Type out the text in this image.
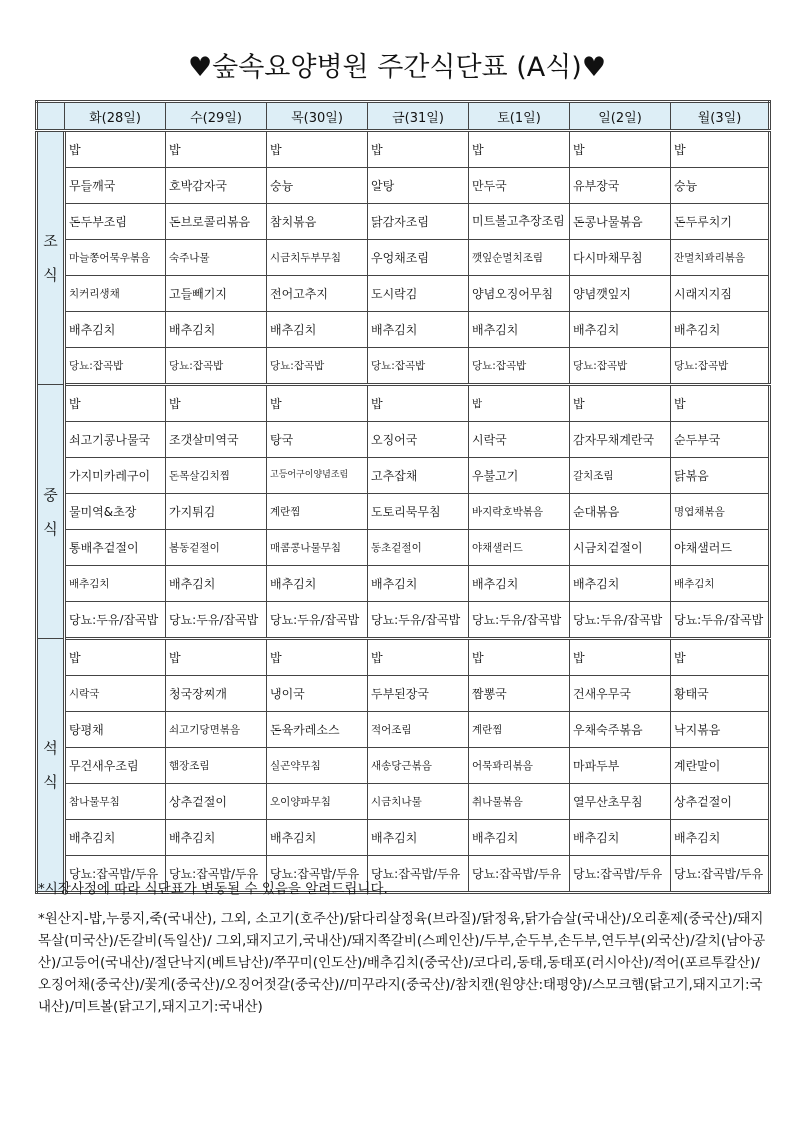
♥숲속요양병원 주간식단표 (A식)♥
	화(28일)	수(29일)	목(30일)	금(31일)	토(1일)	일(2일)	월(3일)
조
식	밥	밥	밥	밥	밥	밥	밥
	무들깨국	호박감자국	숭늉	알탕	만두국	유부장국	숭늉
	돈두부조림	돈브로콜리볶음	참치볶음	닭감자조림	미트볼고추장조림	돈콩나물볶음	돈두루치기
	마늘쫑어묵우볶음	숙주나물	시금치두부무침	우엉채조림	깻잎순멸치조림	다시마채무침	잔멸치꽈리볶음
	치커리생채	고들빼기지	전어고추지	도시락김	양념오징어무침	양념깻잎지	시래지지짐
	배추김치	배추김치	배추김치	배추김치	배추김치	배추김치	배추김치
	당뇨:잡곡밥	당뇨:잡곡밥	당뇨:잡곡밥	당뇨:잡곡밥	당뇨:잡곡밥	당뇨:잡곡밥	당뇨:잡곡밥
중
식	밥	밥	밥	밥	밥	밥	밥
	쇠고기콩나물국	조갯살미역국	탕국	오징어국	시락국	감자무채계란국	순두부국
	가지미카레구이	돈목살김치찜	고등어구이양념조림	고추잡채	우불고기	갈치조림	닭볶음
	물미역&초장	가지튀김	계란찜	도토리묵무침	바지락호박볶음	순대볶음	명엽채볶음
	통배추겉절이	봄동겉절이	매콤콩나물무침	동초겉절이	야채샐러드	시금치겉절이	야채샐러드
	배추김치	배추김치	배추김치	배추김치	배추김치	배추김치	배추김치
	당뇨:두유/잡곡밥	당뇨:두유/잡곡밥	당뇨:두유/잡곡밥	당뇨:두유/잡곡밥	당뇨:두유/잡곡밥	당뇨:두유/잡곡밥	당뇨:두유/잡곡밥
석
식	밥	밥	밥	밥	밥	밥	밥
	시락국	청국장찌개	냉이국	두부된장국	짬뽕국	건새우무국	황태국
	탕평채	쇠고기당면볶음	돈육카레소스	적어조림	계란찜	우채숙주볶음	낙지볶음
	무건새우조림	햄장조림	실곤약무침	새송당근볶음	어묵꽈리볶음	마파두부	계란말이
	참나물무침	상추겉절이	오이양파무침	시금치나물	취나물볶음	열무산초무침	상추겉절이
	배추김치	배추김치	배추김치	배추김치	배추김치	배추김치	배추김치
	당뇨:잡곡밥/두유	당뇨:잡곡밥/두유	당뇨:잡곡밥/두유	당뇨:잡곡밥/두유	당뇨:잡곡밥/두유	당뇨:잡곡밥/두유	당뇨:잡곡밥/두유

*시장사정에 따라 식단표가 변동될 수 있음을 알려드립니다.

*원산지-밥,누룽지,죽(국내산), 그외, 소고기(호주산)/닭다리살정육(브라질)/닭정육,닭가슴살(국내산)/오리훈제(중국산)/돼지목살(미국산)/돈갈비(독일산)/ 그외,돼지고기,국내산)/돼지쪽갈비(스페인산)/두부,순두부,손두부,연두부(외국산)/갈치(남아공산)/고등어(국내산)/절단낙지(베트남산)/쭈꾸미(인도산)/배추김치(중국산)/코다리,동태,동태포(러시아산)/적어(포르투칼산)/오징어채(중국산)/꽃게(중국산)/오징어젓갈(중국산)//미꾸라지(중국산)/참치캔(원양산:태평양)/스모크햄(닭고기,돼지고기:국내산)/미트볼(닭고기,돼지고기:국내산)
